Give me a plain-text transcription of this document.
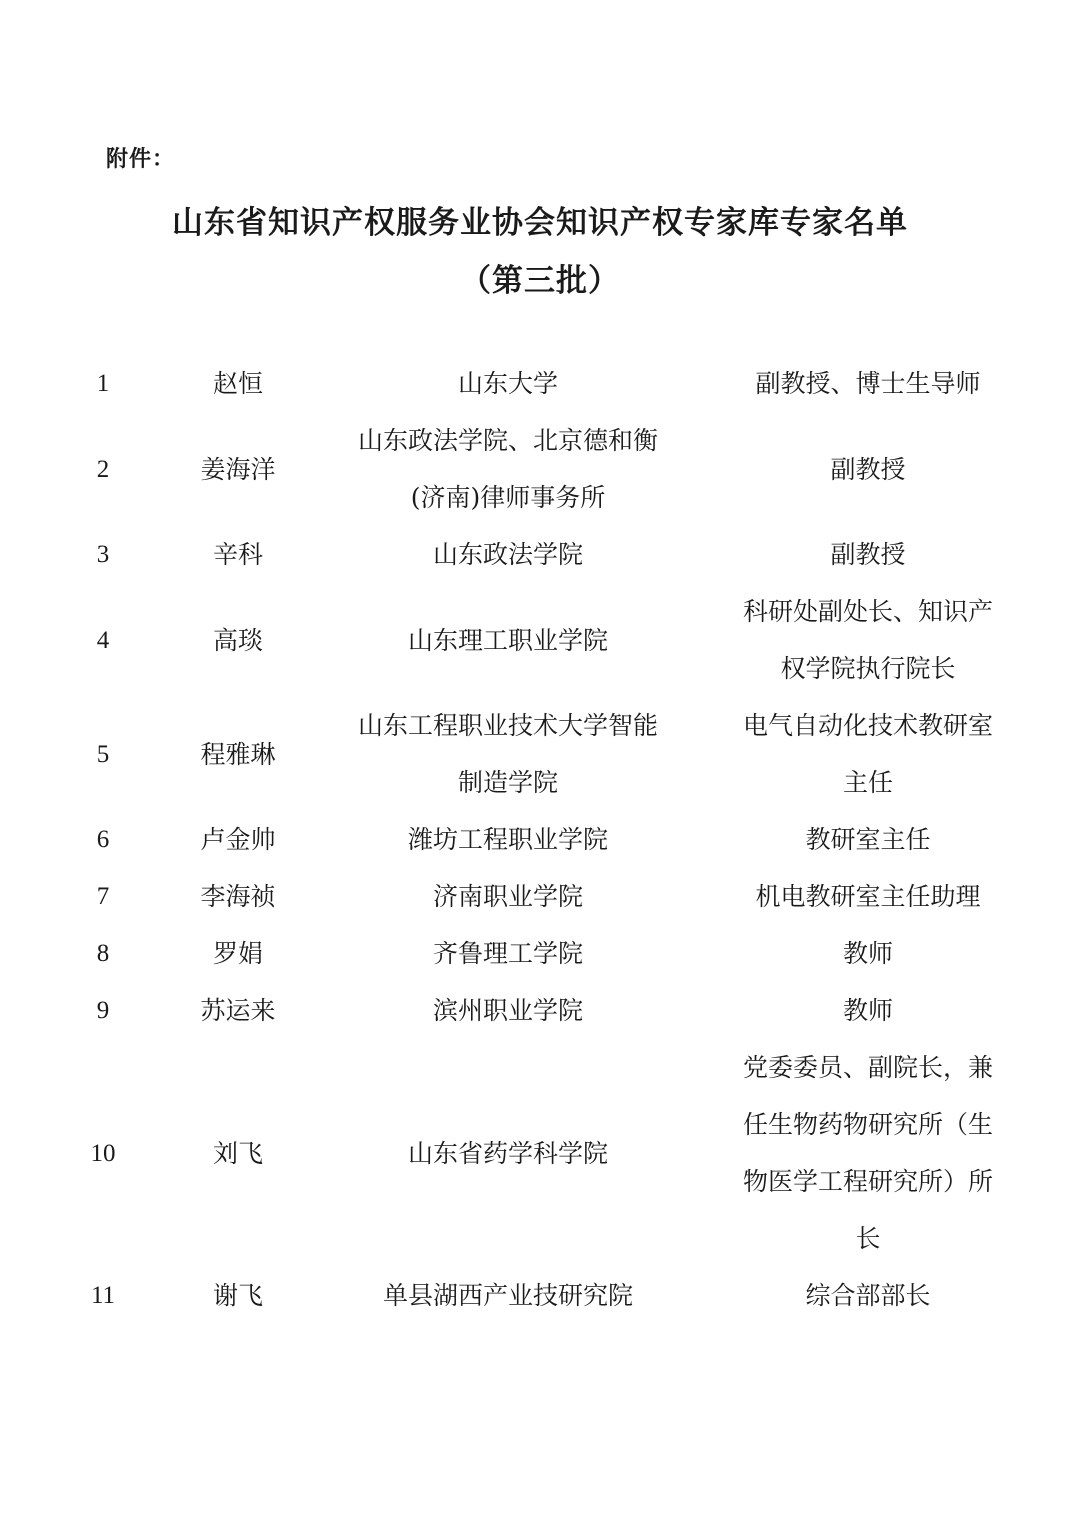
附件：
山东省知识产权服务业协会知识产权专家库专家名单
（第三批）
1	赵恒	山东大学	副教授、博士生导师

2	姜海洋	山东政法学院、北京德和衡
(济南)律师事务所	副教授

3	辛科	山东政法学院	副教授

4	高琰	山东理工职业学院	科研处副处长、知识产
权学院执行院长

5	程雅琳	山东工程职业技术大学智能
制造学院	电气自动化技术教研室
主任

6	卢金帅	潍坊工程职业学院	教研室主任

7	李海祯	济南职业学院	机电教研室主任助理

8	罗娟	齐鲁理工学院	教师

9	苏运来	滨州职业学院	教师

10	刘飞	山东省药学科学院	党委委员、副院长，兼
任生物药物研究所（生
物医学工程研究所）所
长

11	谢飞	单县湖西产业技研究院	综合部部长
